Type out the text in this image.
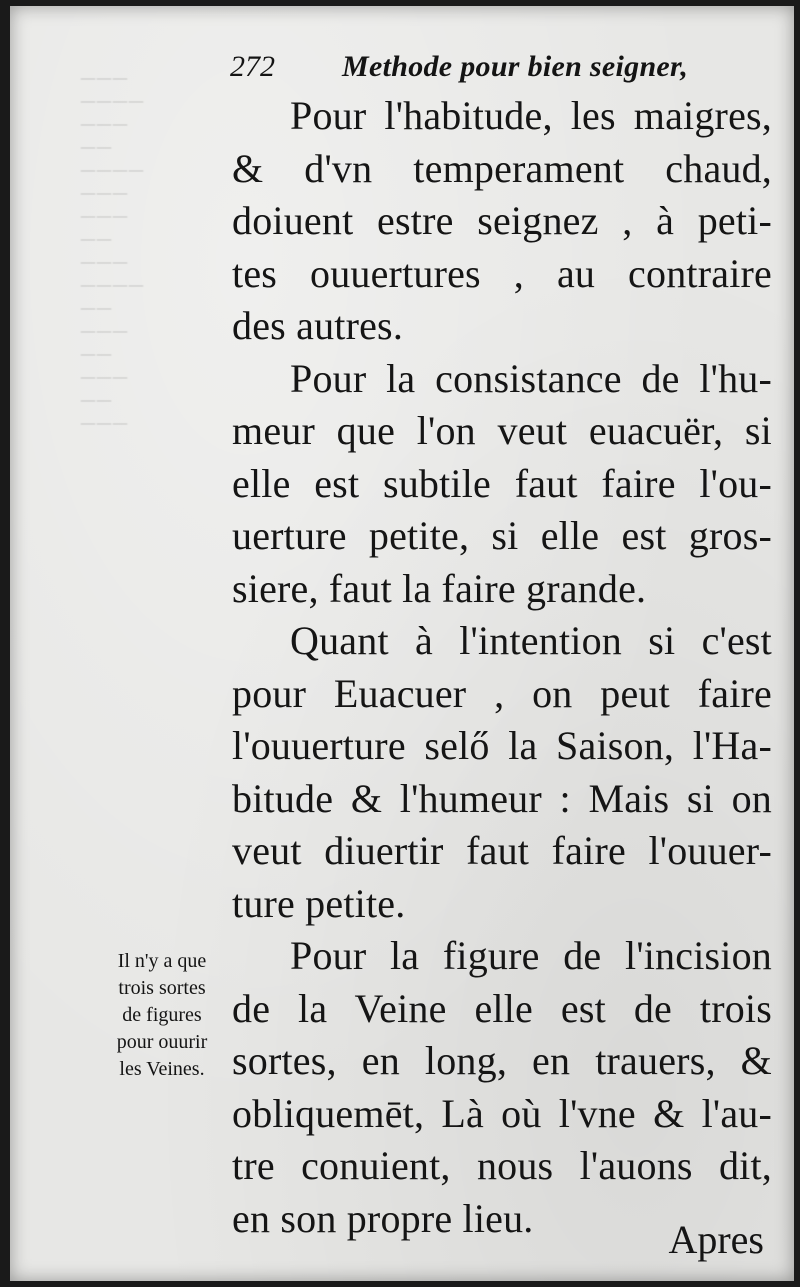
———
————
———
——
————
———
———
——
———
————
——
———
——
———
——
———
272 Methode pour bien seigner,
Pour l'habitude, les maigres,
& d'vn temperament chaud,
doiuent estre seignez , à peti-
tes ouuertures , au contraire
des autres.
Pour la consistance de l'hu-
meur que l'on veut euacuër, si
elle est subtile faut faire l'ou-
uerture petite, si elle est gros-
siere, faut la faire grande.
Quant à l'intention si c'est
pour Euacuer , on peut faire
l'ouuerture selő la Saison, l'Ha-
bitude & l'humeur : Mais si on
veut diuertir faut faire l'ouuer-
ture petite.
Pour la figure de l'incision
de la Veine elle est de trois
sortes, en long, en trauers, &
obliquemēt, Là où l'vne & l'au-
tre conuient, nous l'auons dit,
en son propre lieu.
Il n'y a que
trois sortes
de figures
pour ouurir
les Veines.
Apres
